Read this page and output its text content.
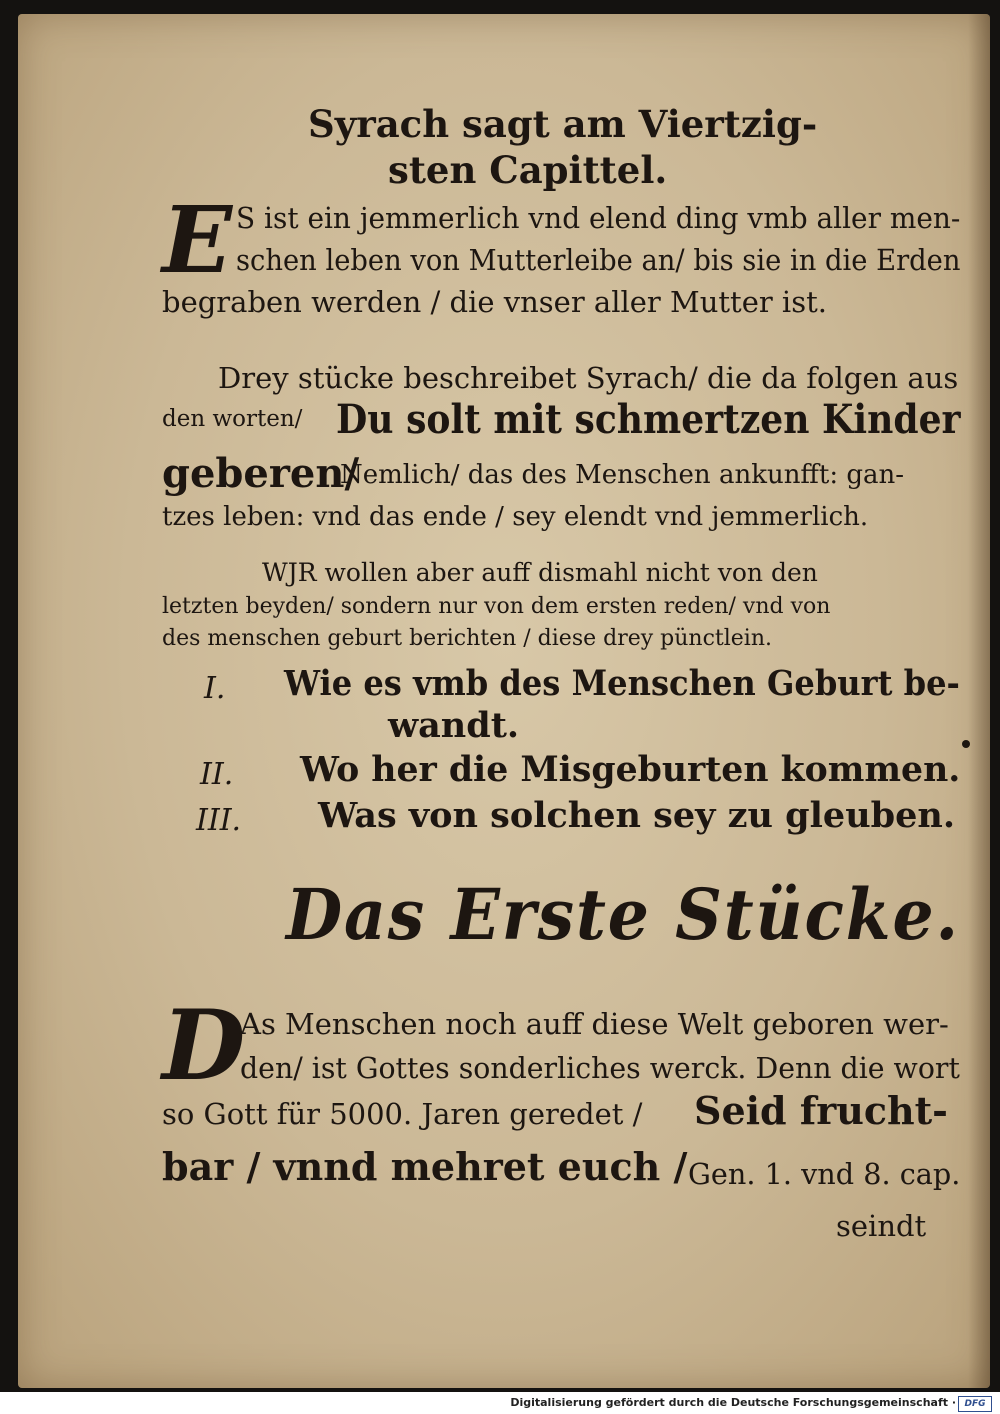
Syrach sagt am Viertzig-
sten Capittel.
E S ist ein jemmerlich vnd elend ding vmb aller men-
schen leben von Mutterleibe an/ bis sie in die Erden
begraben werden / die vnser aller Mutter ist.
Drey stücke beschreibet Syrach/ die da folgen aus
den worten/ Du solt mit schmertzen Kinder
geberen/
Nemlich/ das des Menschen ankunfft: gan-
tzes leben: vnd das ende / sey elendt vnd jemmerlich.
WJR wollen aber auff dismahl nicht von den
letzten beyden/ sondern nur von dem ersten reden/ vnd von
des menschen geburt berichten / diese drey pünctlein.
I. Wie es vmb des Menschen Geburt be-
wandt.
II. Wo her die Misgeburten kommen.
III. Was von solchen sey zu gleuben.
Das Erste Stücke.
D
As Menschen noch auff diese Welt geboren wer-
den/ ist Gottes sonderliches werck. Denn die wort
so Gott für 5000. Jaren geredet / Seid frucht-
bar / vnnd mehret euch / Gen. 1. vnd 8. cap.
seindt
Digitalisierung gefördert durch die Deutsche Forschungsgemeinschaft · DFG
